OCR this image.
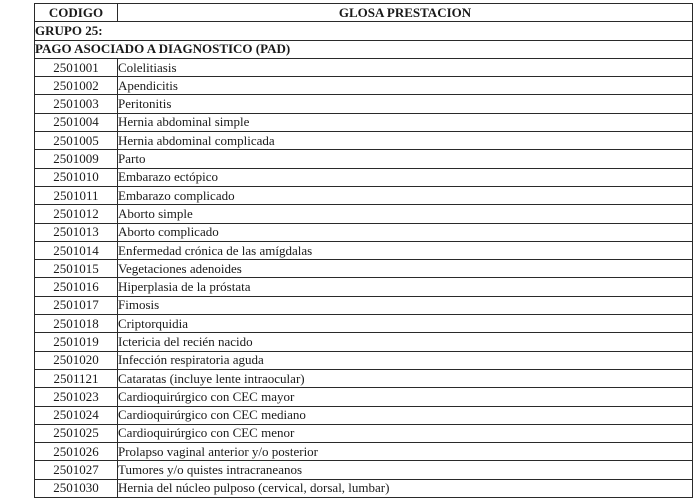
CODIGO	GLOSA PRESTACION
GRUPO 25:	
PAGO ASOCIADO A DIAGNOSTICO (PAD)	
2501001	Colelitiasis
2501002	Apendicitis
2501003	Peritonitis
2501004	Hernia abdominal simple
2501005	Hernia abdominal complicada
2501009	Parto
2501010	Embarazo ectópico
2501011	Embarazo complicado
2501012	Aborto simple
2501013	Aborto complicado
2501014	Enfermedad crónica de las amígdalas
2501015	Vegetaciones adenoides
2501016	Hiperplasia de la próstata
2501017	Fimosis
2501018	Criptorquidia
2501019	Ictericia del recién nacido
2501020	Infección respiratoria aguda
2501121	Cataratas (incluye lente intraocular)
2501023	Cardioquirúrgico con CEC mayor
2501024	Cardioquirúrgico con CEC mediano
2501025	Cardioquirúrgico con CEC menor
2501026	Prolapso vaginal anterior y/o posterior
2501027	Tumores y/o quistes intracraneanos
2501030	Hernia del núcleo pulposo (cervical, dorsal, lumbar)
